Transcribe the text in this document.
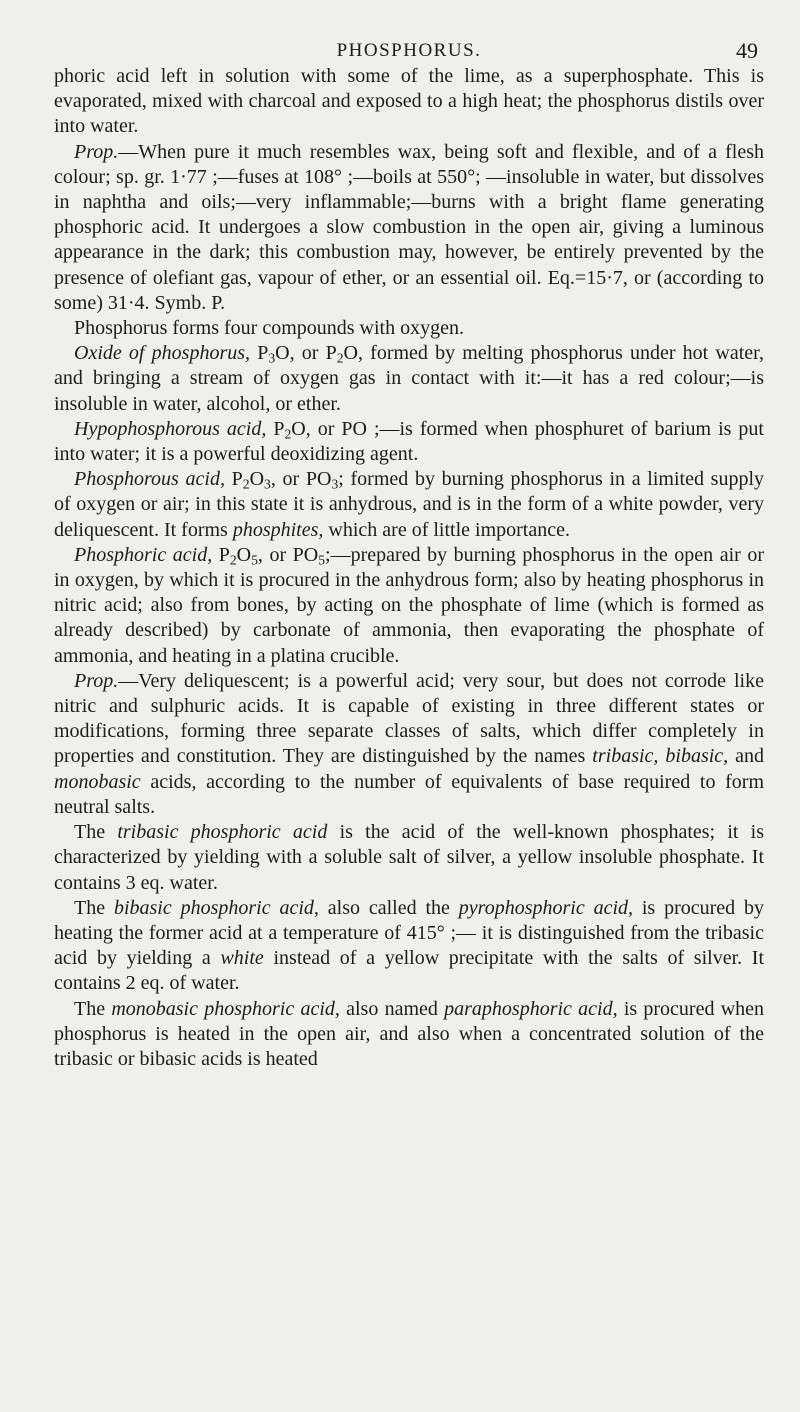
PHOSPHORUS.	49

phoric acid left in solution with some of the lime, as a superphosphate. This is evaporated, mixed with charcoal and exposed to a high heat; the phosphorus distils over into water.

Prop.—When pure it much resembles wax, being soft and flexible, and of a flesh colour; sp. gr. 1·77 ;—fuses at 108° ;—boils at 550°; —insoluble in water, but dissolves in naphtha and oils;—very inflammable;—burns with a bright flame generating phosphoric acid. It undergoes a slow combustion in the open air, giving a luminous appearance in the dark; this combustion may, however, be entirely prevented by the presence of olefiant gas, vapour of ether, or an essential oil. Eq.=15·7, or (according to some) 31·4. Symb. P.

Phosphorus forms four compounds with oxygen.

Oxide of phosphorus, $P_3O$, or $P_2O$, formed by melting phosphorus under hot water, and bringing a stream of oxygen gas in contact with it:—it has a red colour;—is insoluble in water, alcohol, or ether.

Hypophosphorous acid, $P_2O$, or PO ;—is formed when phosphuret of barium is put into water; it is a powerful deoxidizing agent.

Phosphorous acid, $P_2O_3$, or $PO_3$; formed by burning phosphorus in a limited supply of oxygen or air; in this state it is anhydrous, and is in the form of a white powder, very deliquescent. It forms phosphites, which are of little importance.

Phosphoric acid, $P_2O_5$, or $PO_5;—prepared$ by burning phosphorus in the open air or in oxygen, by which it is procured in the anhydrous form; also by heating phosphorus in nitric acid; also from bones, by acting on the phosphate of lime (which is formed as already described) by carbonate of ammonia, then evaporating the phosphate of ammonia, and heating in a platina crucible.

Prop.—Very deliquescent; is a powerful acid; very sour, but does not corrode like nitric and sulphuric acids. It is capable of existing in three different states or modifications, forming three separate classes of salts, which differ completely in properties and constitution. They are distinguished by the names tribasic, bibasic, and monobasic acids, according to the number of equivalents of base required to form neutral salts.

The tribasic phosphoric acid is the acid of the well-known phosphates; it is characterized by yielding with a soluble salt of silver, a yellow insoluble phosphate. It contains 3 eq. water.

The bibasic phosphoric acid, also called the pyrophosphoric acid, is procured by heating the former acid at a temperature of 415° ;— it is distinguished from the tribasic acid by yielding a white instead of a yellow precipitate with the salts of silver. It contains 2 eq. of water.

The monobasic phosphoric acid, also named paraphosphoric acid, is procured when phosphorus is heated in the open air, and also when a concentrated solution of the tribasic or bibasic acids is heated
